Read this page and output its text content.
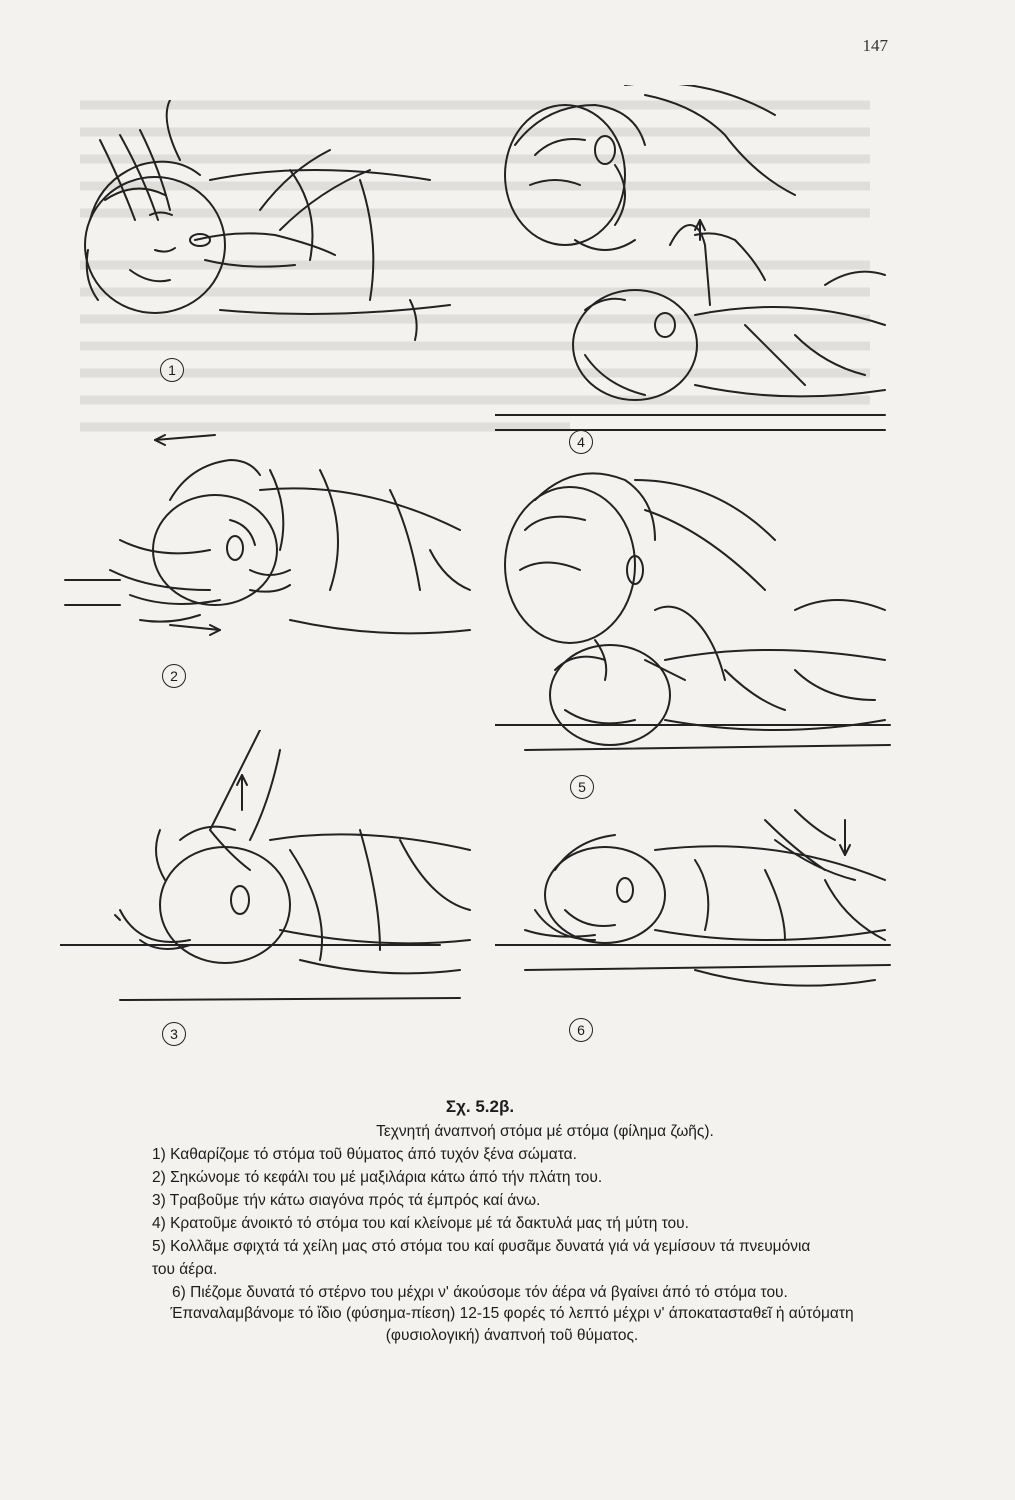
147
1
2
3
4
5
6
Σχ. 5.2β.
Τεχνητή άναπνοή στόμα μέ στόμα (φίλημα ζωῆς).
1) Καθαρίζομε τό στόμα τοῦ θύματος άπό τυχόν ξένα σώματα.
2) Σηκώνομε τό κεφάλι του μέ μαξιλάρια κάτω άπό τήν πλάτη του.
3) Τραβοῦμε τήν κάτω σιαγόνα πρός τά έμπρός καί άνω.
4) Κρατοῦμε άνοικτό τό στόμα του καί κλείνομε μέ τά δακτυλά μας τή μύτη του.
5) Κολλᾶμε σφιχτά τά χείλη μας στό στόμα του καί φυσᾶμε δυνατά γιά νά γεμίσουν τά πνευμόνια
του άέρα.
6) Πιέζομε δυνατά τό στέρνο του μέχρι ν' άκούσομε τόν άέρα νά βγαίνει άπό τό στόμα του.
Έπαναλαμβάνομε τό ἴδιο (φύσημα-πίεση) 12-15 φορές τό λεπτό μέχρι ν' άποκατασταθεῖ ἡ αύτόματη
(φυσιολογική) άναπνοή τοῦ θύματος.
